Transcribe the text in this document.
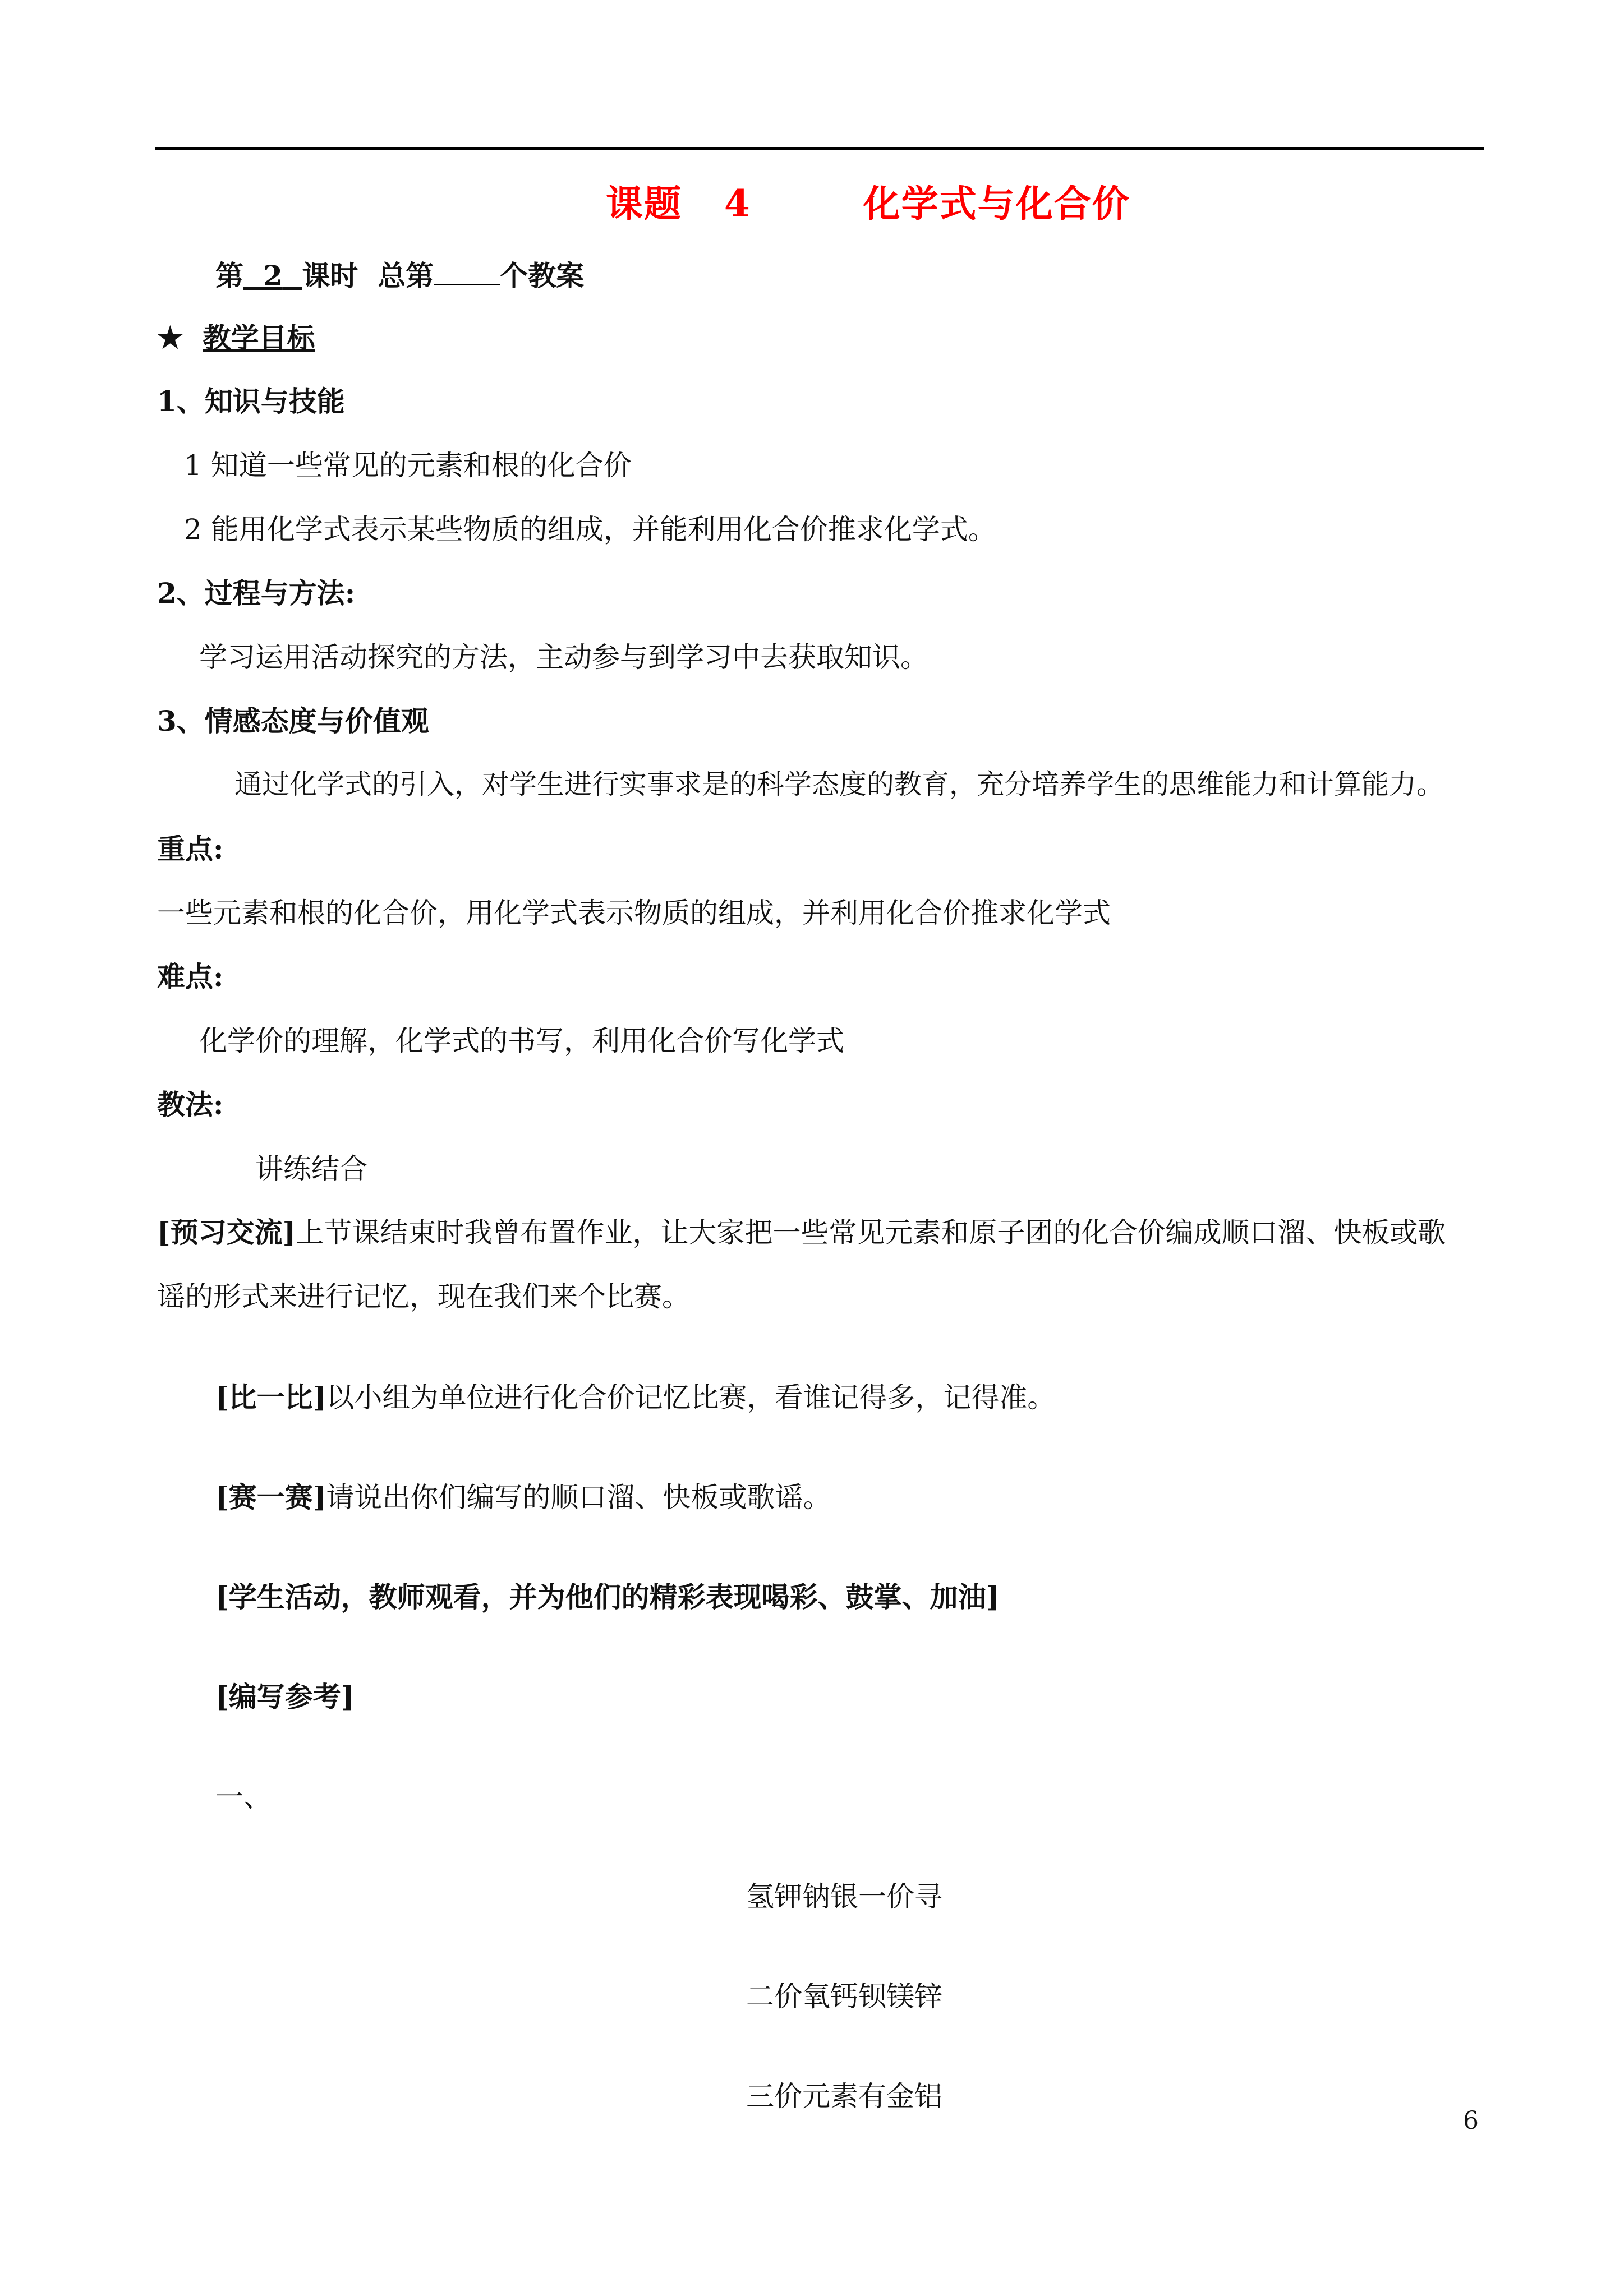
课题   4        化学式与化合价
第 2 课时  总第 个教案
★ 教学目标
1、知识与技能
1 知道一些常见的元素和根的化合价
2 能用化学式表示某些物质的组成，并能利用化合价推求化学式。
2、过程与方法:
学习运用活动探究的方法，主动参与到学习中去获取知识。
3、情感态度与价值观
通过化学式的引入，对学生进行实事求是的科学态度的教育，充分培养学生的思维能力和计算能力。
重点:
一些元素和根的化合价，用化学式表示物质的组成，并利用化合价推求化学式
难点:
化学价的理解，化学式的书写，利用化合价写化学式
教法:
讲练结合
[预习交流]上节课结束时我曾布置作业，让大家把一些常见元素和原子团的化合价编成顺口溜、快板或歌
谣的形式来进行记忆，现在我们来个比赛。
[比一比]以小组为单位进行化合价记忆比赛，看谁记得多，记得准。
[赛一赛]请说出你们编写的顺口溜、快板或歌谣。
[学生活动，教师观看，并为他们的精彩表现喝彩、鼓掌、加油]
[编写参考]
一、
氢钾钠银一价寻
二价氧钙钡镁锌
三价元素有金铝
6
